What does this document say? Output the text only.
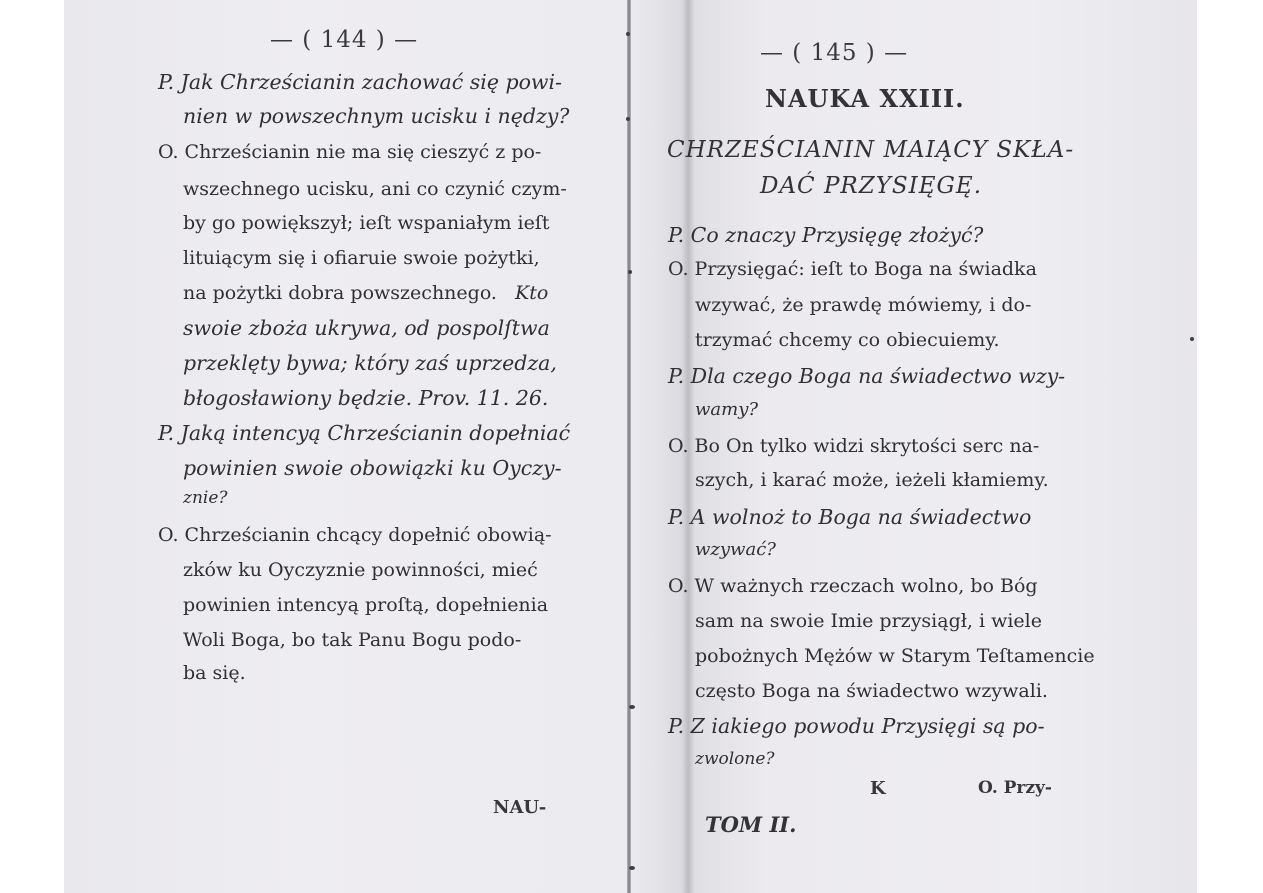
— ( 144 ) —
P. Jak Chrześcianin zachować się powi-
nien w powszechnym ucisku i nędzy?
O. Chrześcianin nie ma się cieszyć z po-
wszechnego ucisku, ani co czynić czym-
by go powiększył; ieſt wspaniałym ieſt
lituiącym się i ofiaruie swoie pożytki,
na pożytki dobra powszechnego. Kto
swoie zboża ukrywa, od pospolſtwa
przeklęty bywa; który zaś uprzedza,
błogosławiony będzie. Prov. 11. 26.
P. Jaką intencyą Chrześcianin dopełniać
powinien swoie obowiązki ku Oyczy-
znie?
O. Chrześcianin chcący dopełnić obowią-
zków ku Oyczyznie powinności, mieć
powinien intencyą proſtą, dopełnienia
Woli Boga, bo tak Panu Bogu podo-
ba się.
NAU-
— ( 145 ) —
NAUKA XXIII.
CHRZEŚCIANIN MAIĄCY SKŁA-
DAĆ PRZYSIĘGĘ.
P. Co znaczy Przysięgę złożyć?
O. Przysięgać: ieſt to Boga na świadka
wzywać, że prawdę mówiemy, i do-
trzymać chcemy co obiecuiemy.
P. Dla czego Boga na świadectwo wzy-
wamy?
O. Bo On tylko widzi skrytości serc na-
szych, i karać może, ieżeli kłamiemy.
P. A wolnoż to Boga na świadectwo
wzywać?
O. W ważnych rzeczach wolno, bo Bóg
sam na swoie Imie przysiągł, i wiele
pobożnych Mężów w Starym Teſtamencie
często Boga na świadectwo wzywali.
P. Z iakiego powodu Przysięgi są po-
zwolone?
K	O. Przy-
TOM II.
